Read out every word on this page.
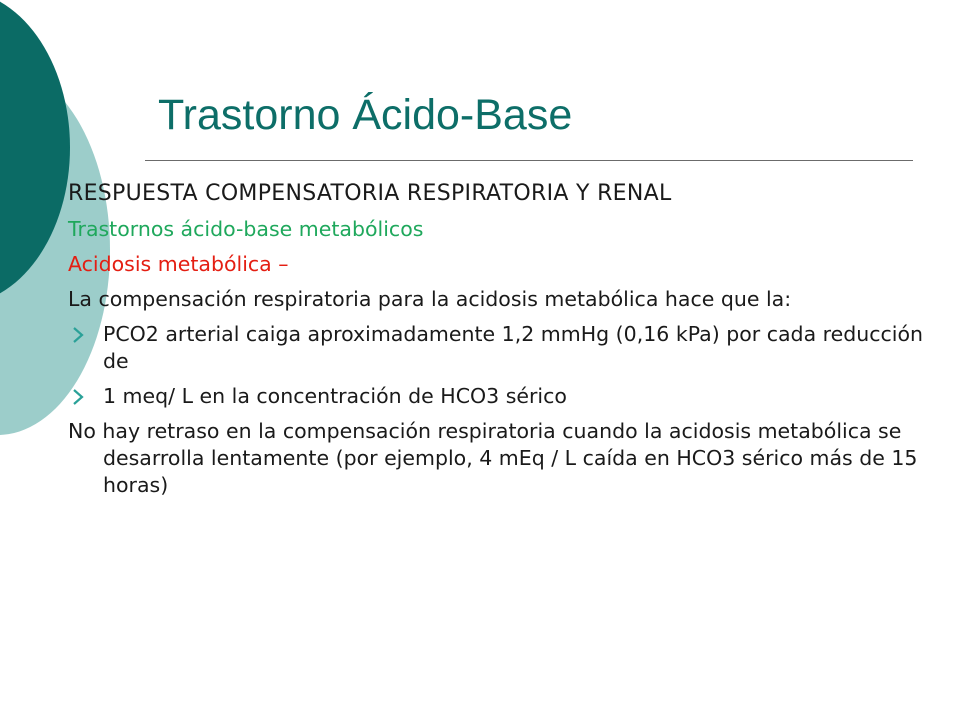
Trastorno Ácido-Base

RESPUESTA COMPENSATORIA RESPIRATORIA Y RENAL

Trastornos ácido-base metabólicos

Acidosis metabólica –

La compensación respiratoria para la acidosis metabólica hace que la:

PCO2 arterial caiga aproximadamente 1,2 mmHg (0,16 kPa) por cada reducción de
1 meq/ L en la concentración de HCO3 sérico

No hay retraso en la compensación respiratoria cuando la acidosis metabólica se desarrolla lentamente (por ejemplo, 4 mEq / L caída en HCO3 sérico más de 15 horas)
